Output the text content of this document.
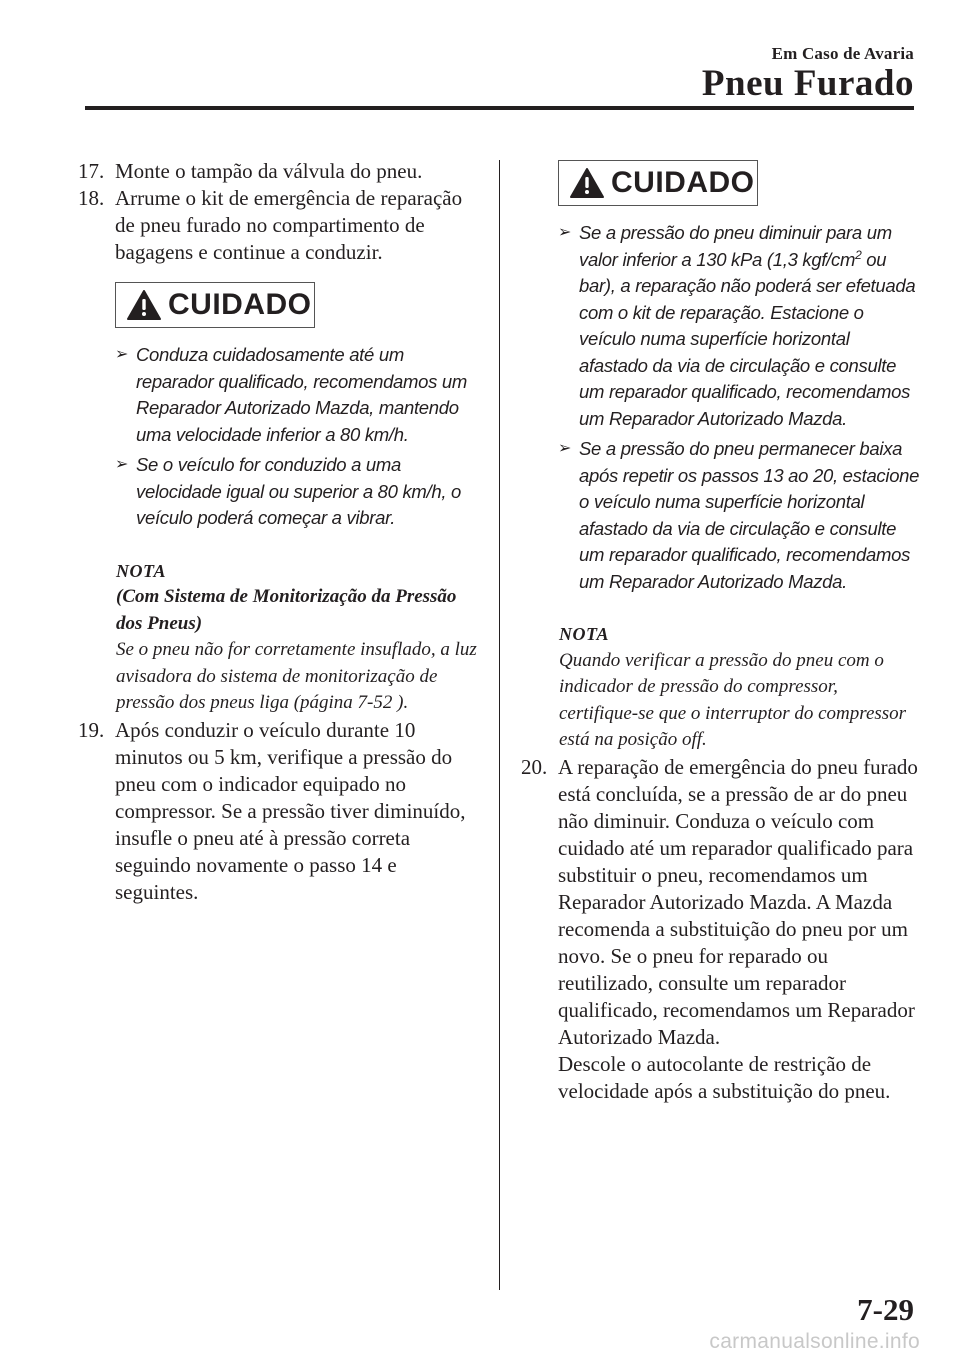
Em Caso de Avaria
Pneu Furado
17. Monte o tampão da válvula do pneu.
18. Arrume o kit de emergência de reparação de pneu furado no compartimento de bagagens e continue a conduzir.
CUIDADO
➢ Conduza cuidadosamente até um reparador qualificado, recomendamos um Reparador Autorizado Mazda, mantendo uma velocidade inferior a 80 km/h.
➢ Se o veículo for conduzido a uma velocidade igual ou superior a 80 km/h, o veículo poderá começar a vibrar.
NOTA
(Com Sistema de Monitorização da Pressão dos Pneus)
Se o pneu não for corretamente insuflado, a luz avisadora do sistema de monitorização de pressão dos pneus liga (página 7-52 ).
19. Após conduzir o veículo durante 10 minutos ou 5 km, verifique a pressão do pneu com o indicador equipado no compressor. Se a pressão tiver diminuído, insufle o pneu até à pressão correta seguindo novamente o passo 14 e seguintes.
CUIDADO
➢ Se a pressão do pneu diminuir para um valor inferior a 130 kPa (1,3 kgf/$cm^2$ ou bar), a reparação não poderá ser efetuada com o kit de reparação. Estacione o veículo numa superfície horizontal afastado da via de circulação e consulte um reparador qualificado, recomendamos um Reparador Autorizado Mazda.
➢ Se a pressão do pneu permanecer baixa após repetir os passos 13 ao 20, estacione o veículo numa superfície horizontal afastado da via de circulação e consulte um reparador qualificado, recomendamos um Reparador Autorizado Mazda.
NOTA
Quando verificar a pressão do pneu com o indicador de pressão do compressor, certifique-se que o interruptor do compressor está na posição off.
20. A reparação de emergência do pneu furado está concluída, se a pressão de ar do pneu não diminuir. Conduza o veículo com cuidado até um reparador qualificado para substituir o pneu, recomendamos um Reparador Autorizado Mazda. A Mazda recomenda a substituição do pneu por um novo. Se o pneu for reparado ou reutilizado, consulte um reparador qualificado, recomendamos um Reparador Autorizado Mazda.
Descole o autocolante de restrição de velocidade após a substituição do pneu.
7-29
carmanualsonline.info
